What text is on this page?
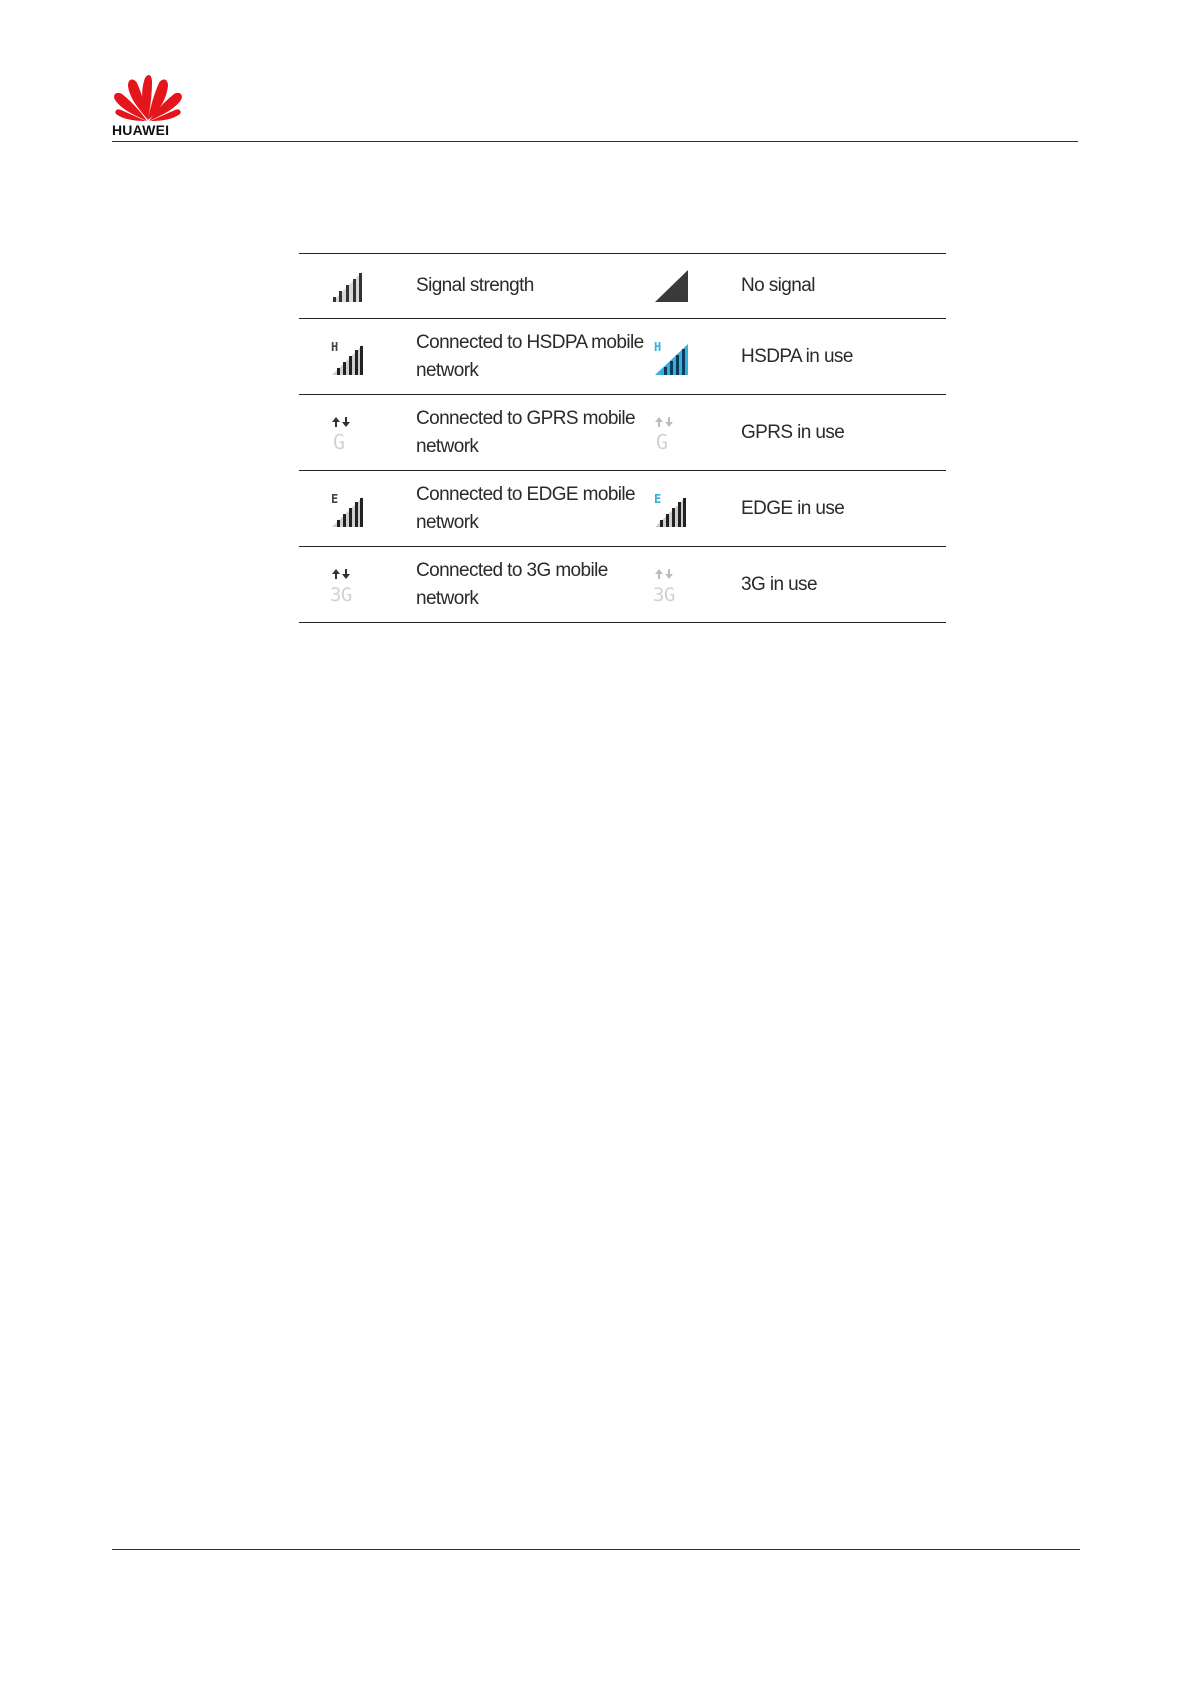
HUAWEI
	Signal strength		No signal

H	Connected to HSDPA mobile network	H	HSDPA in use

G	Connected to GPRS mobile network	G	GPRS in use

E	Connected to EDGE mobile network	E	EDGE in use

3G	Connected to 3G mobile network	3G	3G in use
